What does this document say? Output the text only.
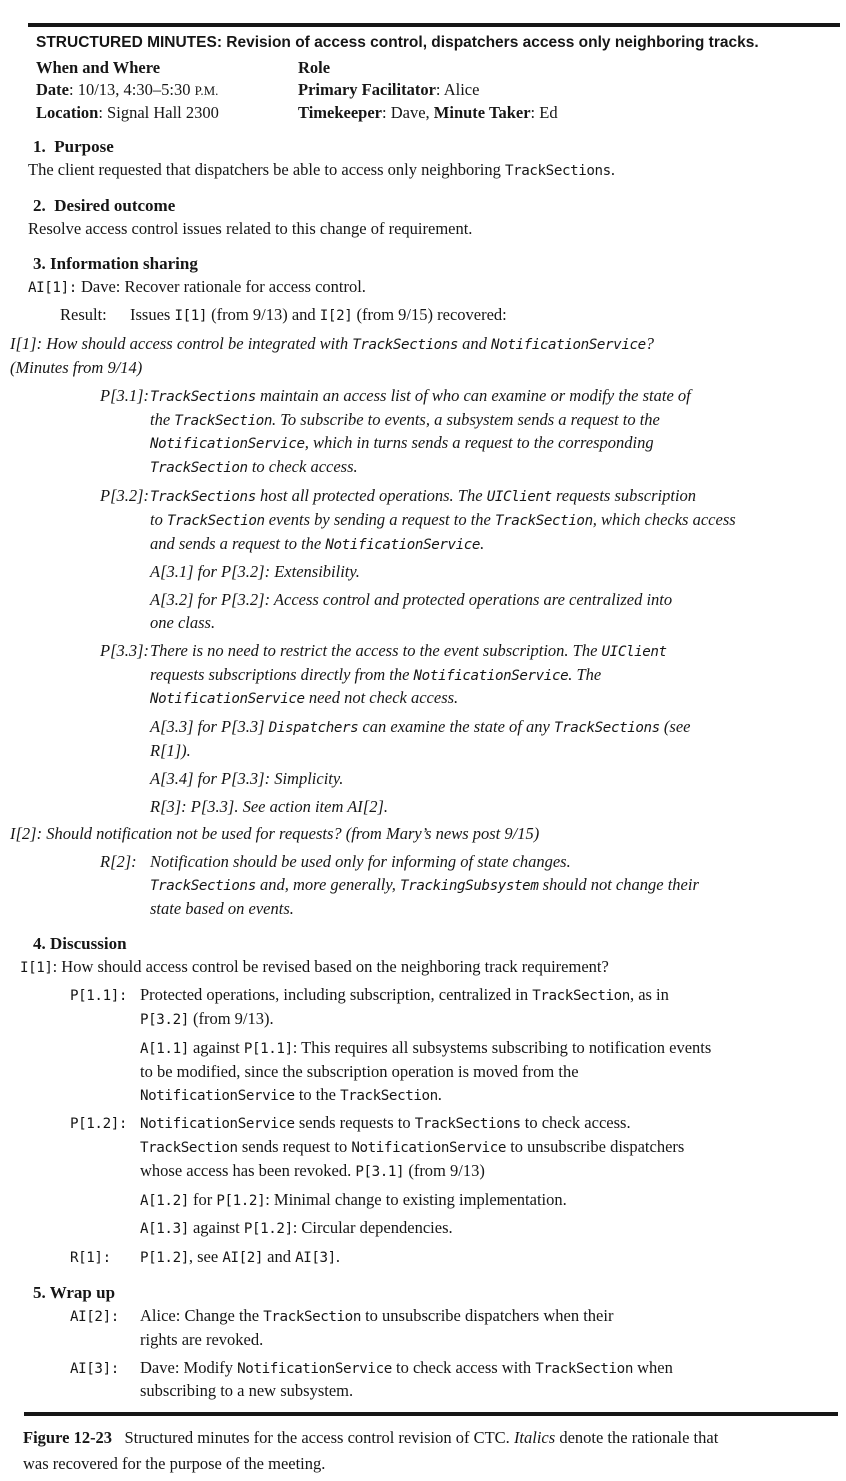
STRUCTURED MINUTES: Revision of access control, dispatchers access only neighboring tracks.
When and Where	Role
Date: 10/13, 4:30–5:30 P.M.	Primary Facilitator: Alice
Location: Signal Hall 2300	Timekeeper: Dave, Minute Taker: Ed
1.  Purpose
The client requested that dispatchers be able to access only neighboring TrackSections.
2.  Desired outcome
Resolve access control issues related to this change of requirement.
3. Information sharing
AI[1]: Dave: Recover rationale for access control.
Result: Issues I[1] (from 9/13) and I[2] (from 9/15) recovered:
I[1]: How should access control be integrated with TrackSections and NotificationService?
(Minutes from 9/14)
P[3.1]: TrackSections maintain an access list of who can examine or modify the state of
the TrackSection. To subscribe to events, a subsystem sends a request to the
NotificationService, which in turns sends a request to the corresponding
TrackSection to check access.
P[3.2]: TrackSections host all protected operations. The UIClient requests subscription
to TrackSection events by sending a request to the TrackSection, which checks access
and sends a request to the NotificationService.
A[3.1] for P[3.2]: Extensibility.
A[3.2] for P[3.2]: Access control and protected operations are centralized into
one class.
P[3.3]: There is no need to restrict the access to the event subscription. The UIClient
requests subscriptions directly from the NotificationService. The
NotificationService need not check access.
A[3.3] for P[3.3] Dispatchers can examine the state of any TrackSections (see
R[1]).
A[3.4] for P[3.3]: Simplicity.
R[3]: P[3.3]. See action item AI[2].
I[2]: Should notification not be used for requests? (from Mary’s news post 9/15)
R[2]: Notification should be used only for informing of state changes.
TrackSections and, more generally, TrackingSubsystem should not change their
state based on events.
4. Discussion
I[1]: How should access control be revised based on the neighboring track requirement?
P[1.1]: Protected operations, including subscription, centralized in TrackSection, as in
P[3.2] (from 9/13).
A[1.1] against P[1.1]: This requires all subsystems subscribing to notification events
to be modified, since the subscription operation is moved from the
NotificationService to the TrackSection.
P[1.2]: NotificationService sends requests to TrackSections to check access.
TrackSection sends request to NotificationService to unsubscribe dispatchers
whose access has been revoked. P[3.1] (from 9/13)
A[1.2] for P[1.2]: Minimal change to existing implementation.
A[1.3] against P[1.2]: Circular dependencies.
R[1]: P[1.2], see AI[2] and AI[3].
5. Wrap up
AI[2]: Alice: Change the TrackSection to unsubscribe dispatchers when their
rights are revoked.
AI[3]: Dave: Modify NotificationService to check access with TrackSection when
subscribing to a new subsystem.
Figure 12-23   Structured minutes for the access control revision of CTC. Italics denote the rationale that
was recovered for the purpose of the meeting.
